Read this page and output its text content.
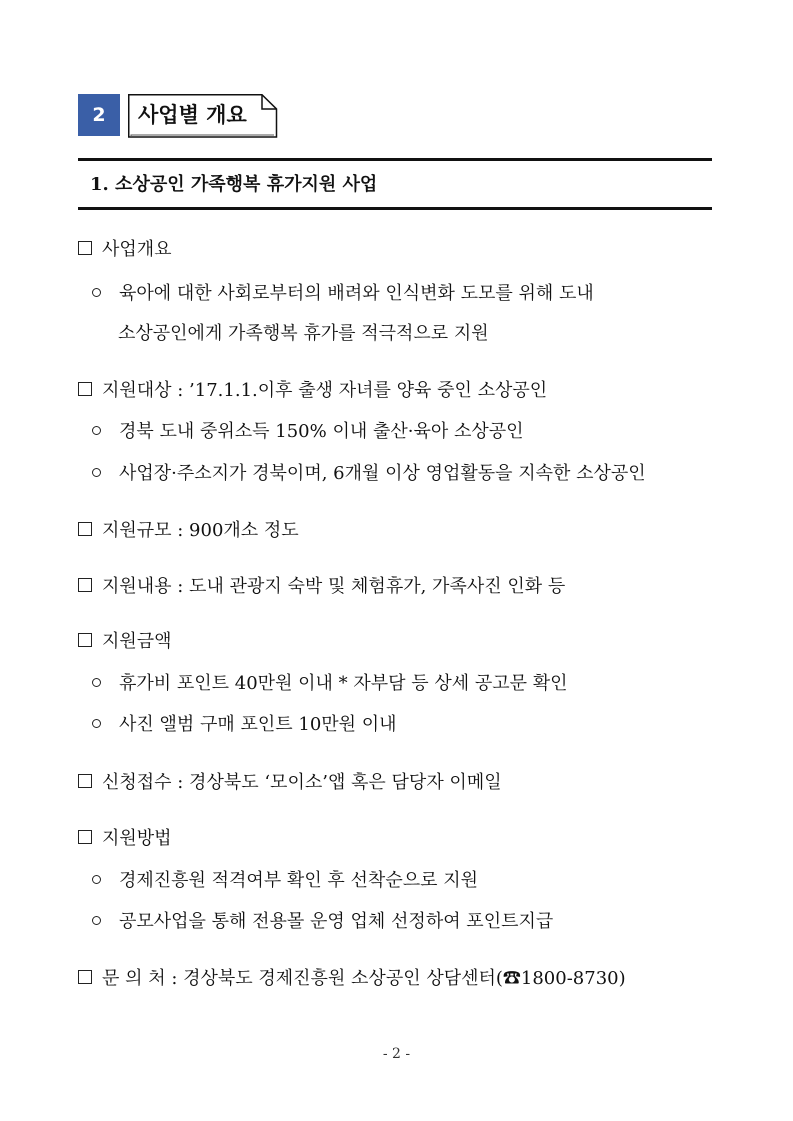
2	사업별 개요
1. 소상공인 가족행복 휴가지원 사업
사업개요
육아에 대한 사회로부터의 배려와 인식변화 도모를 위해 도내
소상공인에게 가족행복 휴가를 적극적으로 지원
지원대상 : ’17.1.1.이후 출생 자녀를 양육 중인 소상공인
경북 도내 중위소득 150% 이내 출산·육아 소상공인
사업장·주소지가 경북이며, 6개월 이상 영업활동을 지속한 소상공인
지원규모 : 900개소 정도
지원내용 : 도내 관광지 숙박 및 체험휴가, 가족사진 인화 등
지원금액
휴가비 포인트 40만원 이내 * 자부담 등 상세 공고문 확인
사진 앨범 구매 포인트 10만원 이내
신청접수 : 경상북도 ‘모이소’앱 혹은 담당자 이메일
지원방법
경제진흥원 적격여부 확인 후 선착순으로 지원
공모사업을 통해 전용몰 운영 업체 선정하여 포인트지급
문 의 처 : 경상북도 경제진흥원 소상공인 상담센터(☎1800-8730)
- 2 -
